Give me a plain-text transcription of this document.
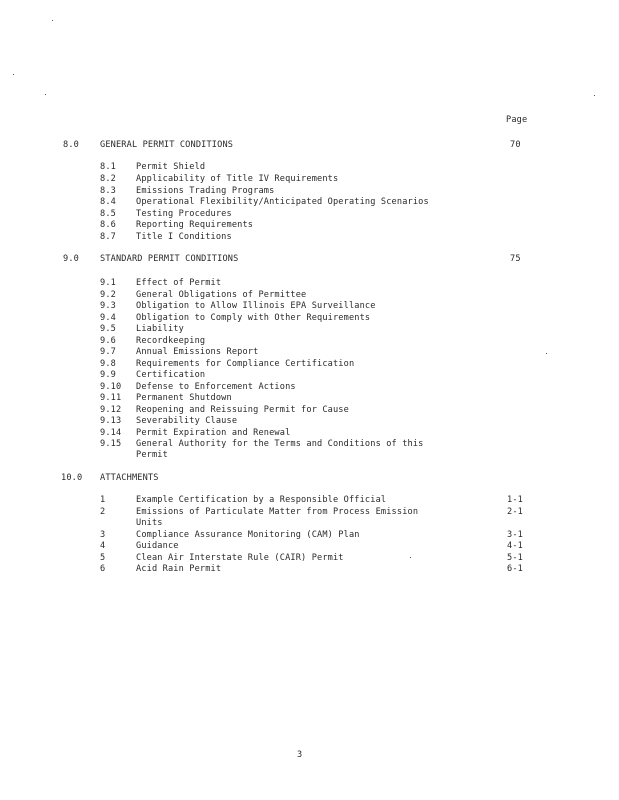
Page
8.0 GENERAL PERMIT CONDITIONS	70
8.1 Permit Shield
8.2 Applicability of Title IV Requirements
8.3 Emissions Trading Programs
8.4 Operational Flexibility/Anticipated Operating Scenarios
8.5 Testing Procedures
8.6 Reporting Requirements
8.7 Title I Conditions
9.0 STANDARD PERMIT CONDITIONS	75
9.1 Effect of Permit
9.2 General Obligations of Permittee
9.3 Obligation to Allow Illinois EPA Surveillance
9.4 Obligation to Comply with Other Requirements
9.5 Liability
9.6 Recordkeeping
9.7 Annual Emissions Report
9.8 Requirements for Compliance Certification
9.9 Certification
9.10 Defense to Enforcement Actions
9.11 Permanent Shutdown
9.12 Reopening and Reissuing Permit for Cause
9.13 Severability Clause
9.14 Permit Expiration and Renewal
9.15 General Authority for the Terms and Conditions of this
Permit
10.0 ATTACHMENTS
1	Example Certification by a Responsible Official	1-1
2	Emissions of Particulate Matter from Process Emission	2-1
Units
3	Compliance Assurance Monitoring (CAM) Plan	3-1
4	Guidance	4-1
5	Clean Air Interstate Rule (CAIR) Permit	5-1
6	Acid Rain Permit	6-1
3
